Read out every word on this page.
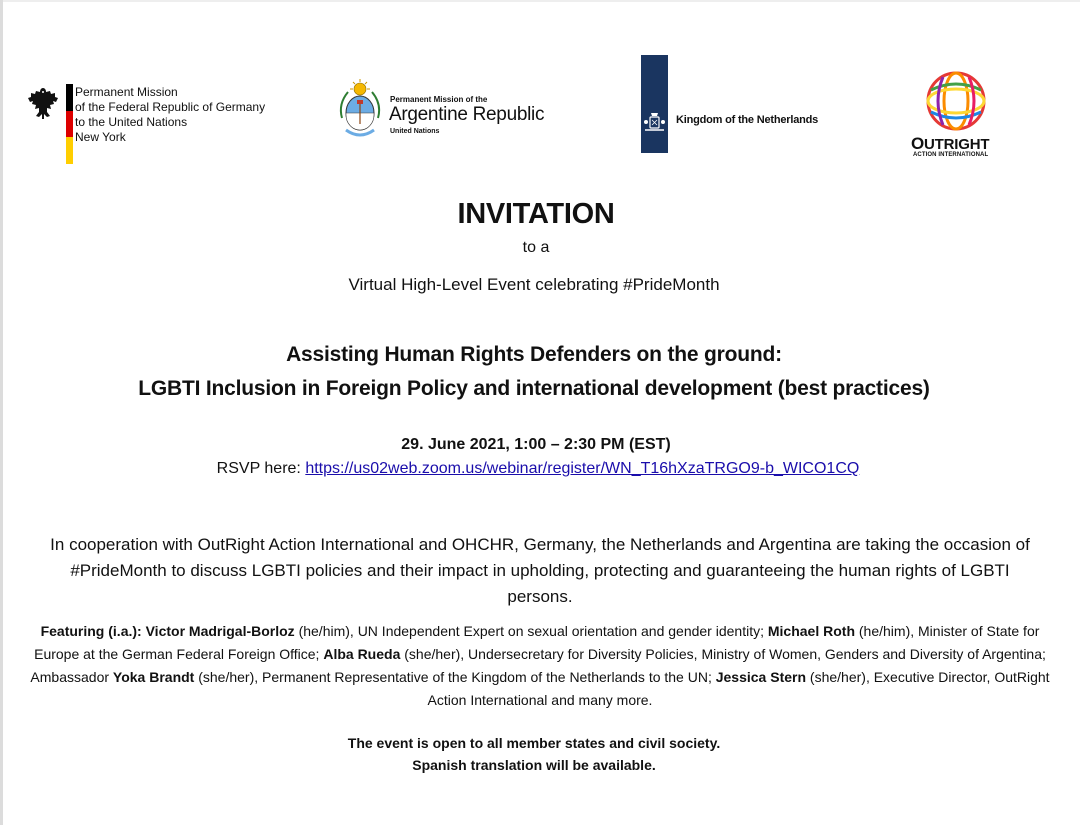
Permanent Mission
of the Federal Republic of Germany
to the United Nations
New York
Permanent Mission of the
Argentine Republic
United Nations
Kingdom of the Netherlands
OUTRIGHT
ACTION INTERNATIONAL
INVITATION
to a
Virtual High-Level Event celebrating #PrideMonth
Assisting Human Rights Defenders on the ground:
LGBTI Inclusion in Foreign Policy and international development (best practices)
29. June 2021, 1:00 – 2:30 PM (EST)
RSVP here: https://us02web.zoom.us/webinar/register/WN_T16hXzaTRGO9-b_WICO1CQ
In cooperation with OutRight Action International and OHCHR, Germany, the Netherlands and Argentina are taking the occasion of #PrideMonth to discuss LGBTI policies and their impact in upholding, protecting and guaranteeing the human rights of LGBTI persons.
Featuring (i.a.): Victor Madrigal-Borloz (he/him), UN Independent Expert on sexual orientation and gender identity; Michael Roth (he/him), Minister of State for Europe at the German Federal Foreign Office; Alba Rueda (she/her), Undersecretary for Diversity Policies, Ministry of Women, Genders and Diversity of Argentina; Ambassador Yoka Brandt (she/her), Permanent Representative of the Kingdom of the Netherlands to the UN; Jessica Stern (she/her), Executive Director, OutRight Action International and many more.
The event is open to all member states and civil society.
Spanish translation will be available.
